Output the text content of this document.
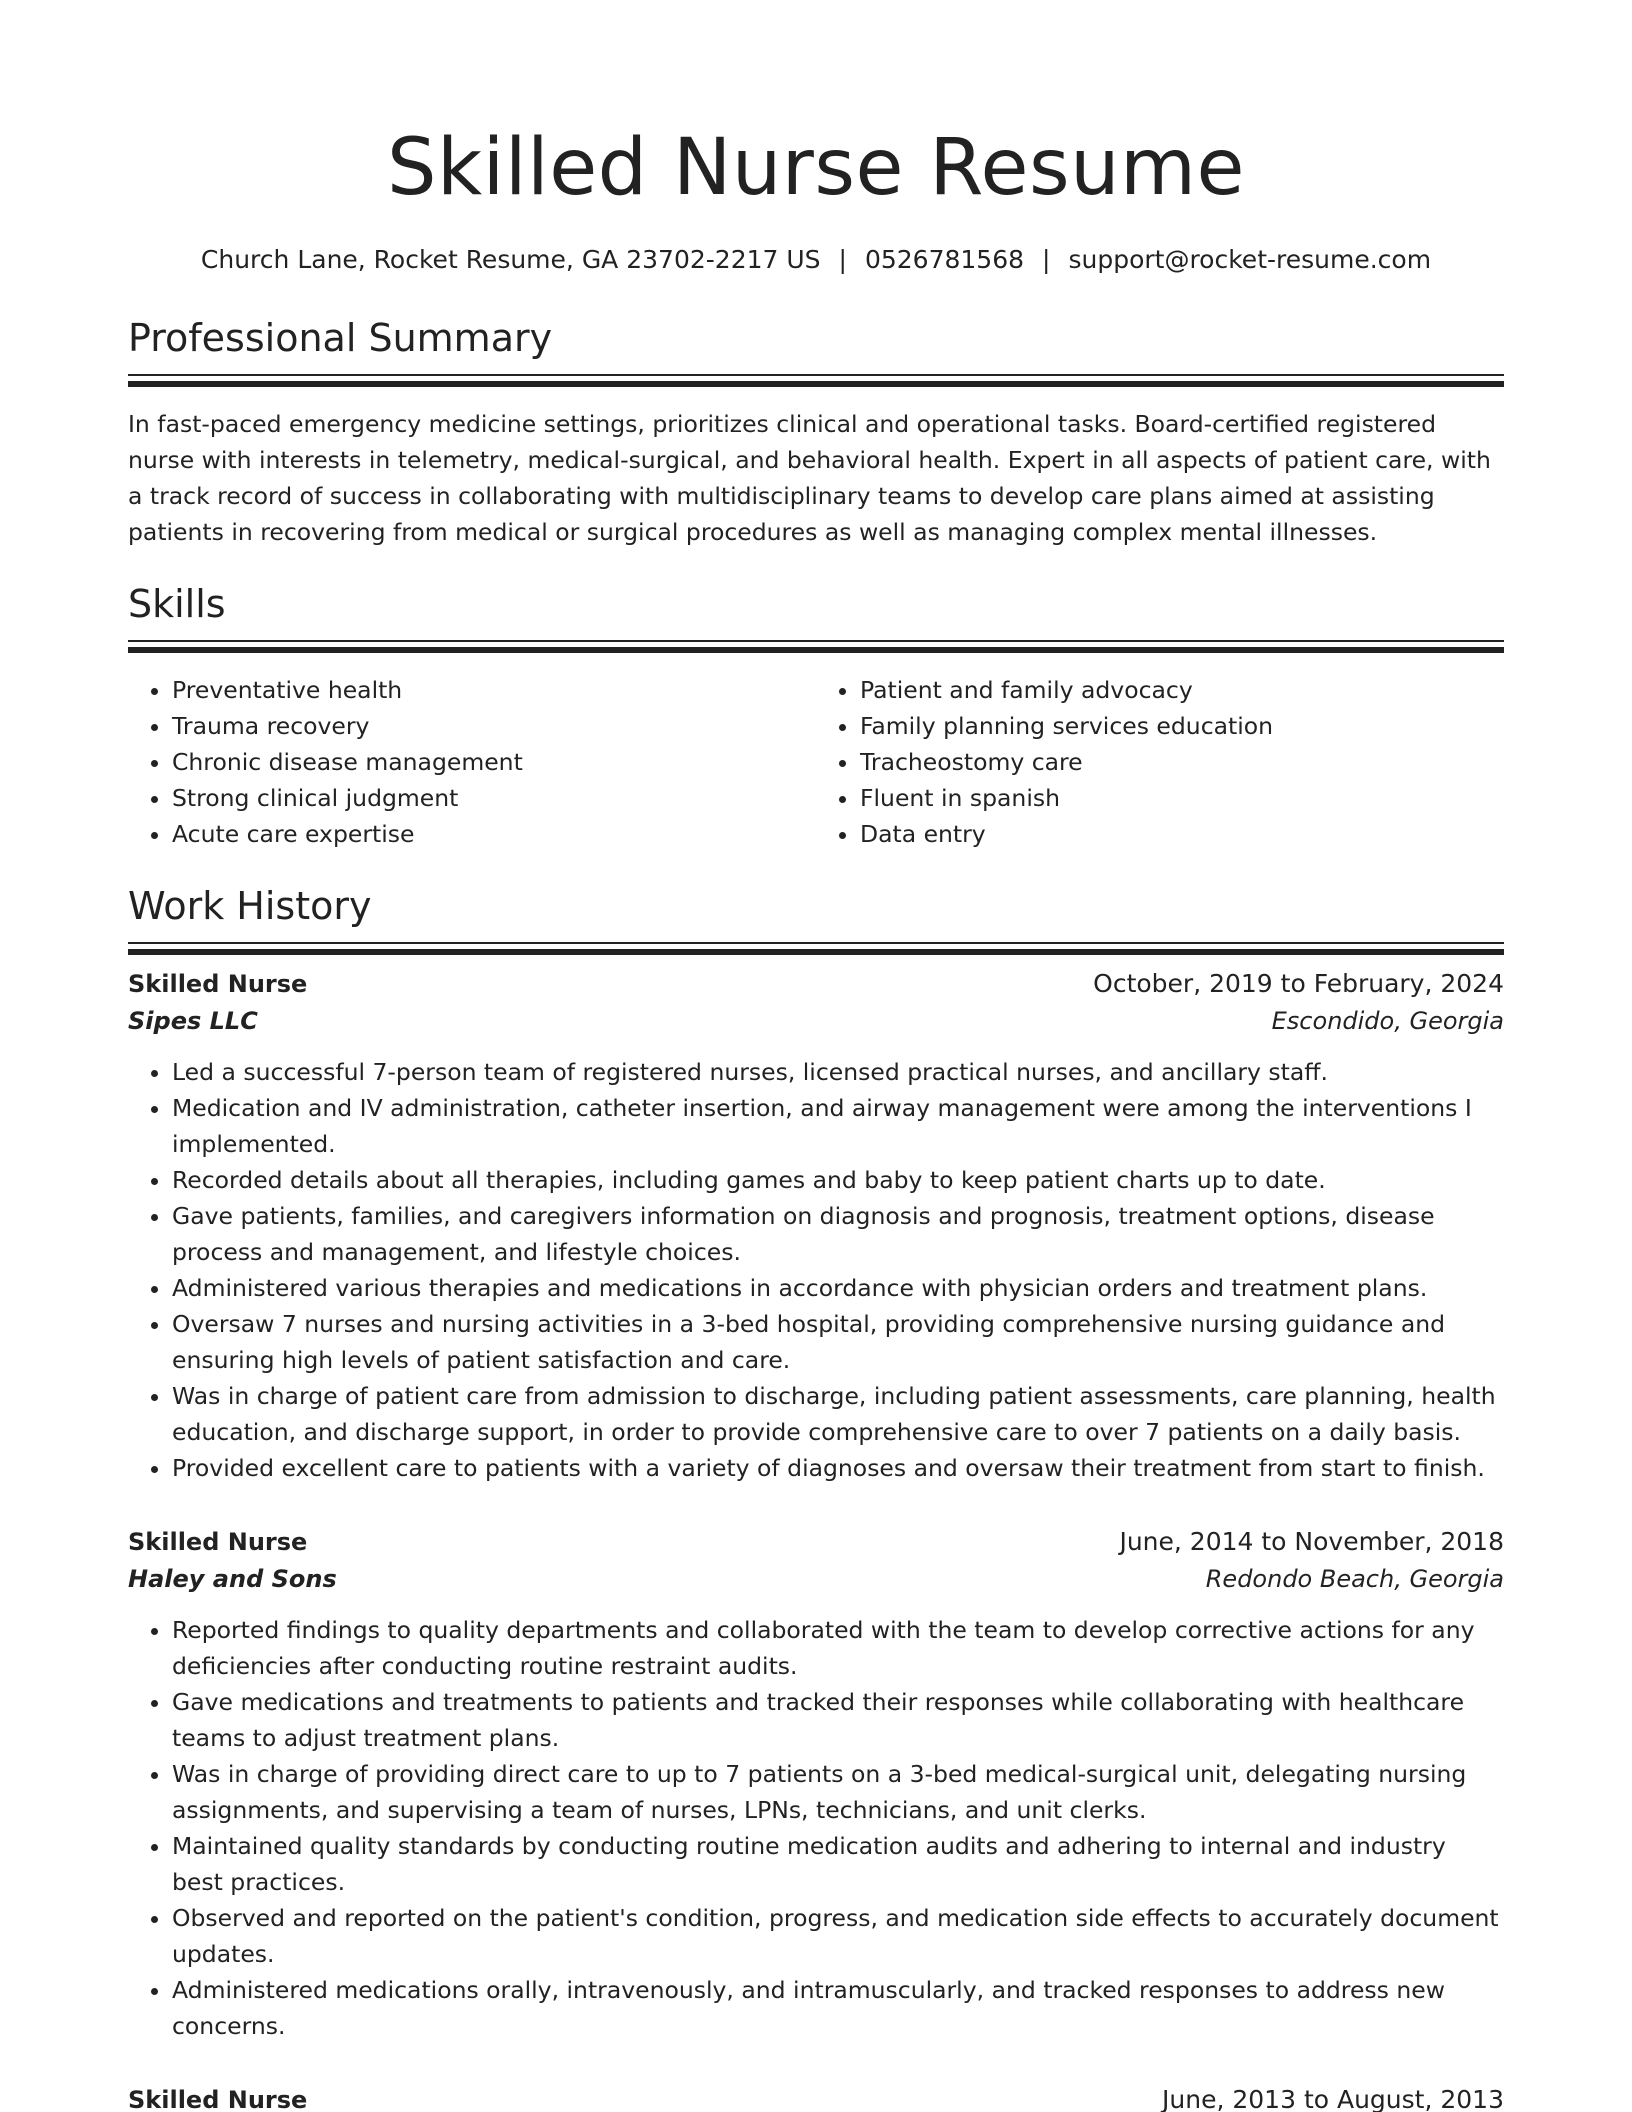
Skilled Nurse Resume
Church Lane, Rocket Resume, GA 23702-2217 US | 0526781568 | support@rocket-resume.com
Professional Summary

In fast-paced emergency medicine settings, prioritizes clinical and operational tasks. Board-certified registered nurse with interests in telemetry, medical-surgical, and behavioral health. Expert in all aspects of patient care, with a track record of success in collaborating with multidisciplinary teams to develop care plans aimed at assisting patients in recovering from medical or surgical procedures as well as managing complex mental illnesses.

Skills
• Preventative health
• Trauma recovery
• Chronic disease management
• Strong clinical judgment
• Acute care expertise
• Patient and family advocacy
• Family planning services education
• Tracheostomy care
• Fluent in spanish
• Data entry
Work History
Skilled Nurse	October, 2019 to February, 2024
Sipes LLC	Escondido, Georgia
• Led a successful 7-person team of registered nurses, licensed practical nurses, and ancillary staff.
• Medication and IV administration, catheter insertion, and airway management were among the interventions I implemented.
• Recorded details about all therapies, including games and baby to keep patient charts up to date.
• Gave patients, families, and caregivers information on diagnosis and prognosis, treatment options, disease process and management, and lifestyle choices.
• Administered various therapies and medications in accordance with physician orders and treatment plans.
• Oversaw 7 nurses and nursing activities in a 3-bed hospital, providing comprehensive nursing guidance and ensuring high levels of patient satisfaction and care.
• Was in charge of patient care from admission to discharge, including patient assessments, care planning, health education, and discharge support, in order to provide comprehensive care to over 7 patients on a daily basis.
• Provided excellent care to patients with a variety of diagnoses and oversaw their treatment from start to finish.
Skilled Nurse	June, 2014 to November, 2018
Haley and Sons	Redondo Beach, Georgia
• Reported findings to quality departments and collaborated with the team to develop corrective actions for any deficiencies after conducting routine restraint audits.
• Gave medications and treatments to patients and tracked their responses while collaborating with healthcare teams to adjust treatment plans.
• Was in charge of providing direct care to up to 7 patients on a 3-bed medical-surgical unit, delegating nursing assignments, and supervising a team of nurses, LPNs, technicians, and unit clerks.
• Maintained quality standards by conducting routine medication audits and adhering to internal and industry best practices.
• Observed and reported on the patient's condition, progress, and medication side effects to accurately document updates.
• Administered medications orally, intravenously, and intramuscularly, and tracked responses to address new concerns.
Skilled Nurse	June, 2013 to August, 2013
